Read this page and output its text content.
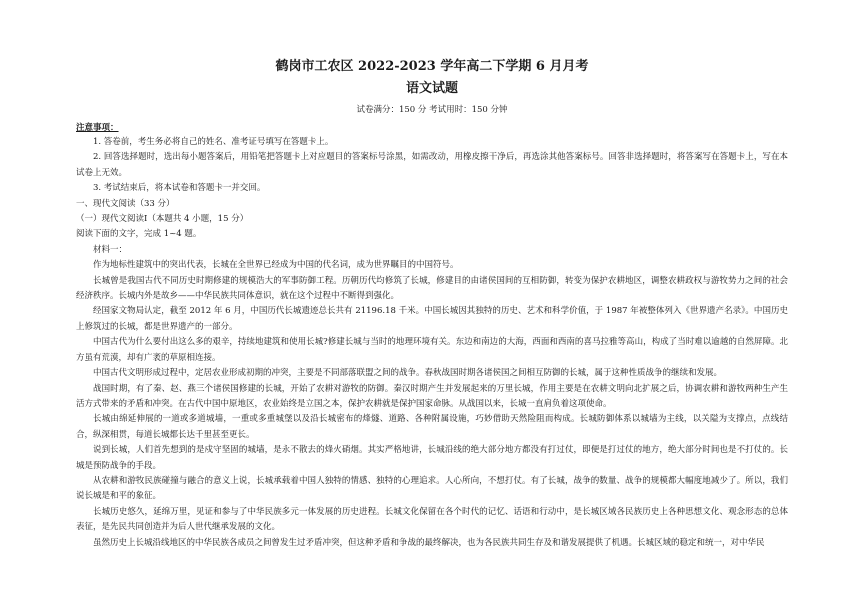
鹤岗市工农区 2022-2023 学年高二下学期 6 月月考
语文试题
试卷满分：150 分 考试用时：150 分钟
注意事项：

1. 答卷前，考生务必将自己的姓名、准考证号填写在答题卡上。

2. 回答选择题时，选出每小题答案后，用铅笔把答题卡上对应题目的答案标号涂黑，如需改动，用橡皮擦干净后，再选涂其他答案标号。回答非选择题时，将答案写在答题卡上，写在本试卷上无效。

3. 考试结束后，将本试卷和答题卡一并交回。

一、现代文阅读（33 分）

（一）现代文阅读Ⅰ（本题共 4 小题，15 分）

阅读下面的文字，完成 1~4 题。

材料一：

作为地标性建筑中的突出代表，长城在全世界已经成为中国的代名词，成为世界瞩目的中国符号。

长城曾是我国古代不同历史时期修建的规模浩大的军事防御工程。历朝历代均修筑了长城，修建目的由诸侯国间的互相防御，转变为保护农耕地区，调整农耕政权与游牧势力之间的社会经济秩序。长城内外是故乡——中华民族共同体意识，就在这个过程中不断得到强化。

经国家文物局认定，截至 2012 年 6 月，中国历代长城遗迹总长共有 21196.18 千米。中国长城因其独特的历史、艺术和科学价值，于 1987 年被整体列入《世界遗产名录》。中国历史上修筑过的长城，都是世界遗产的一部分。

中国古代为什么要付出这么多的艰辛，持续地建筑和使用长城?修建长城与当时的地理环境有关。东边和南边的大海，西面和西南的喜马拉雅等高山，构成了当时难以逾越的自然屏障。北方虽有荒漠，却有广袤的草原相连接。

中国古代文明形成过程中，定居农业形成初期的冲突，主要是不同部落联盟之间的战争。春秋战国时期各诸侯国之间相互防御的长城，属于这种性质战争的继续和发展。

战国时期，有了秦、赵、燕三个诸侯国修建的长城，开始了农耕对游牧的防御。秦汉时期产生并发展起来的万里长城，作用主要是在农耕文明向北扩展之后，协调农耕和游牧两种生产生活方式带来的矛盾和冲突。在古代中国中原地区，农业始终是立国之本，保护农耕就是保护国家命脉。从战国以来，长城一直肩负着这项使命。

长城由绵延伸展的一道或多道城墙，一重或多重城堡以及沿长城密布的烽燧、道路、各种附属设施，巧妙借助天然险阻而构成。长城防御体系以城墙为主线，以关隘为支撑点，点线结合，纵深相贯，每道长城都长达千里甚至更长。

说到长城，人们首先想到的是戍守坚固的城墙，是永不散去的烽火硝烟。其实严格地讲，长城沿线的绝大部分地方都没有打过仗，即便是打过仗的地方，绝大部分时间也是不打仗的。长城是预防战争的手段。

从农耕和游牧民族碰撞与融合的意义上说，长城承载着中国人独特的情感、独特的心理追求。人心所向，不想打仗。有了长城，战争的数量、战争的规模都大幅度地减少了。所以，我们说长城是和平的象征。

长城历史悠久，延绵万里，见证和参与了中华民族多元一体发展的历史进程。长城文化保留在各个时代的记忆、话语和行动中，是长城区域各民族历史上各种思想文化、观念形态的总体表征，是先民共同创造并为后人世代继承发展的文化。

虽然历史上长城沿线地区的中华民族各成员之间曾发生过矛盾冲突，但这种矛盾和争战的最终解决，也为各民族共同生存及和谐发展提供了机遇。长城区域的稳定和统一，对中华民
